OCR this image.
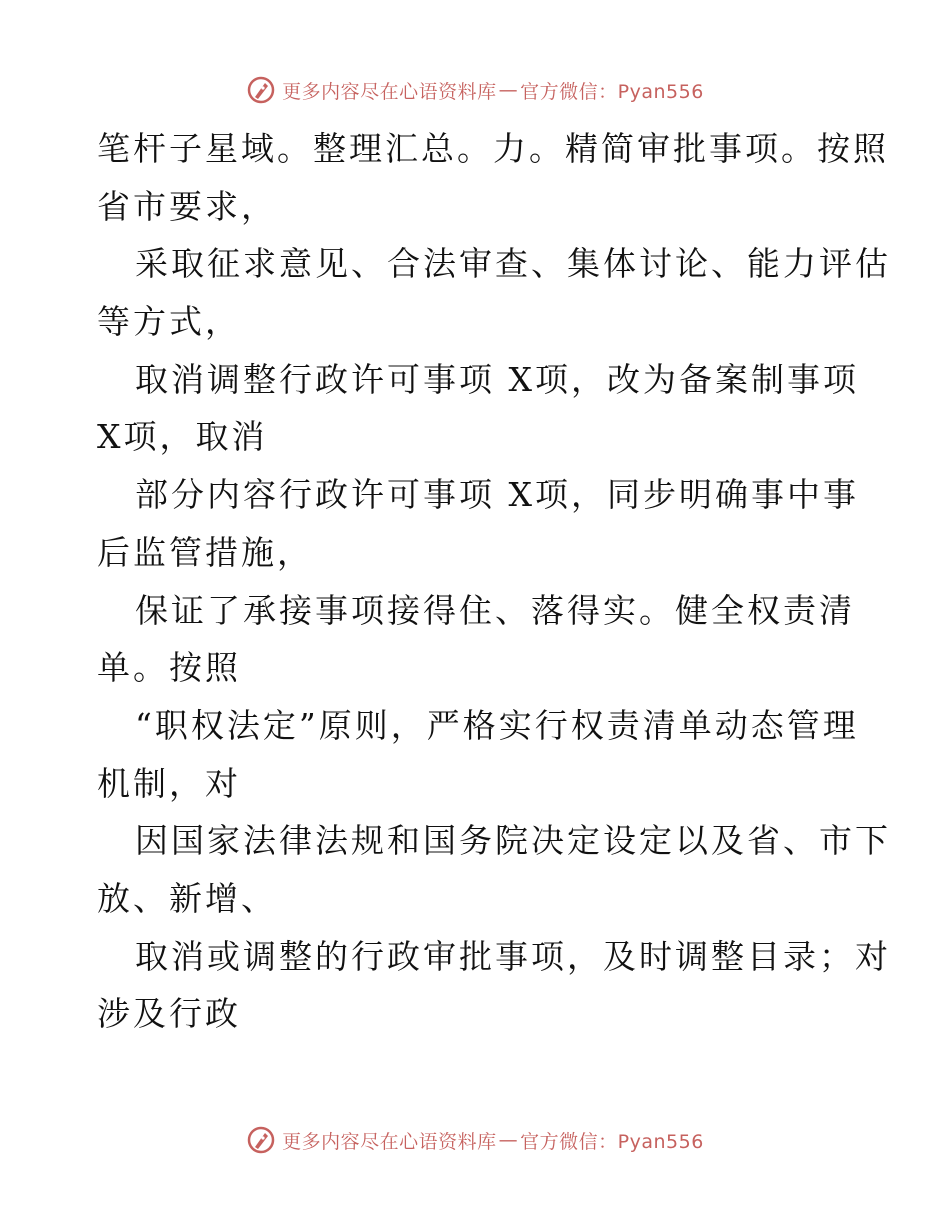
更多内容尽在心语资料库 — 官方微信：Pyan556
笔杆子星域。整理汇总。力。精简审批事项。按照
省市要求，
采取征求意见、合法审查、集体讨论、能力评估
等方式，
取消调整行政许可事项 X项，改为备案制事项
X项，取消
部分内容行政许可事项 X项，同步明确事中事
后监管措施，
保证了承接事项接得住、落得实。健全权责清
单。按照
“职权法定”原则，严格实行权责清单动态管理
机制，对
因国家法律法规和国务院决定设定以及省、市下
放、新增、
取消或调整的行政审批事项，及时调整目录；对
涉及行政
更多内容尽在心语资料库 — 官方微信：Pyan556
